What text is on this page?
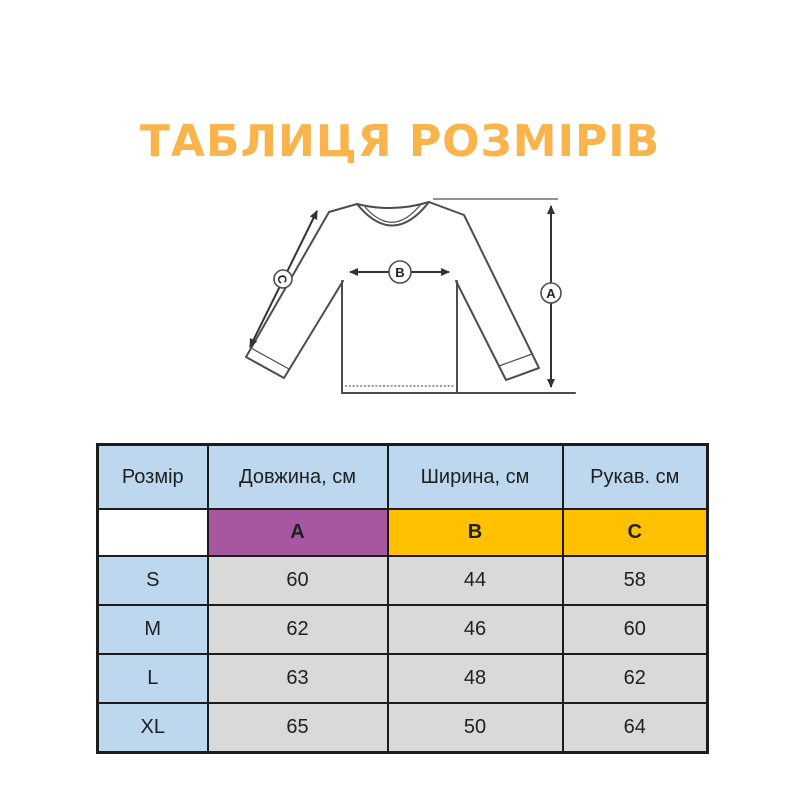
ТАБЛИЦЯ РОЗМІРІВ
A
B
C
Розмір	Довжина, см	Ширина, см	Рукав. см
	A	B	C
S	60	44	58
M	62	46	60
L	63	48	62
XL	65	50	64
